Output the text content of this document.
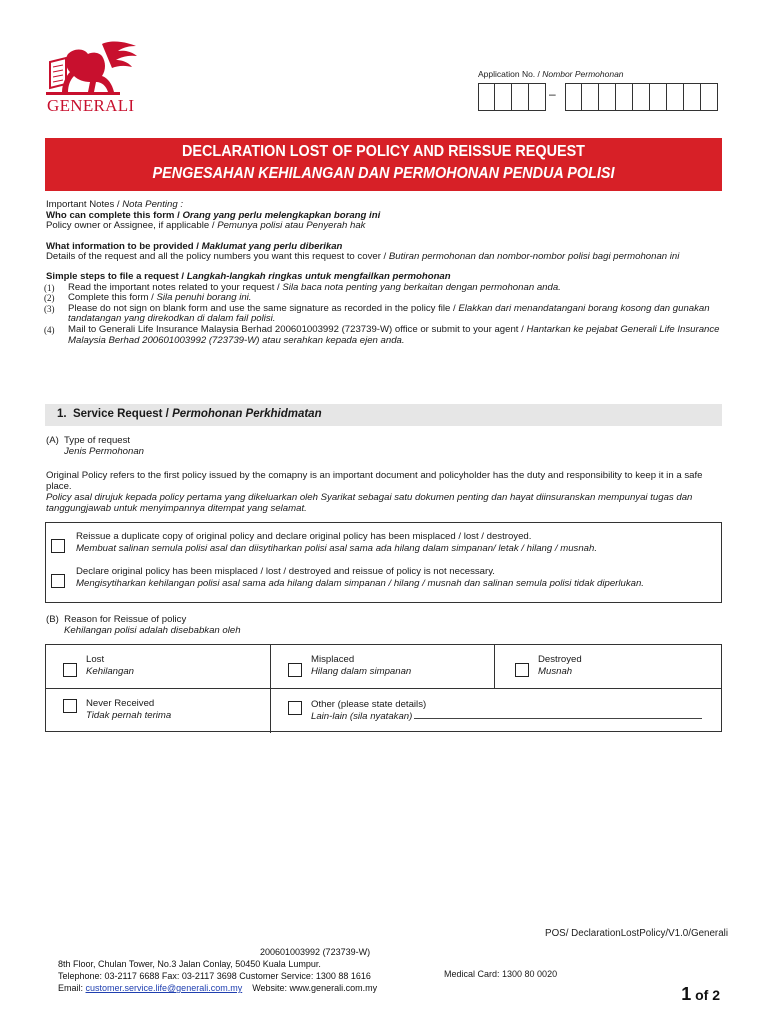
GENERALI
Application No. / Nombor Permohonan
–
DECLARATION LOST OF POLICY AND REISSUE REQUEST
PENGESAHAN KEHILANGAN DAN PERMOHONAN PENDUA POLISI

Important Notes / Nota Penting :

Who can complete this form / Orang yang perlu melengkapkan borang ini

Policy owner or Assignee, if applicable / Pemunya polisi atau Penyerah hak

What information to be provided / Maklumat yang perlu diberikan

Details of the request and all the policy numbers you want this request to cover / Butiran permohonan dan nombor-nombor polisi bagi permohonan ini

Simple steps to file a request / Langkah-langkah ringkas untuk mengfailkan permohonan

(1) Read the important notes related to your request / Sila baca nota penting yang berkaitan dengan permohonan anda.
(2) Complete this form / Sila penuhi borang ini.
(3) Please do not sign on blank form and use the same signature as recorded in the policy file / Elakkan dari menandatangani borang kosong dan gunakan tandatangan yang direkodkan di dalam fail polisi.
(4) Mail to Generali Life Insurance Malaysia Berhad 200601003992 (723739-W) office or submit to your agent / Hantarkan ke pejabat Generali Life Insurance Malaysia Berhad 200601003992 (723739-W) atau serahkan kepada ejen anda.
1. Service Request / Permohonan Perkhidmatan
(A) Type of request
Jenis Permohonan

Original Policy refers to the first policy issued by the comapny is an important document and policyholder has the duty and responsibility to keep it in a safe place.

Policy asal dirujuk kepada policy pertama yang dikeluarkan oleh Syarikat sebagai satu dokumen penting dan hayat diinsuranskan mempunyai tugas dan tanggungjawab untuk menyimpannya ditempat yang selamat.

Reissue a duplicate copy of original policy and declare original policy has been misplaced / lost / destroyed.
Membuat salinan semula polisi asal dan diisytiharkan polisi asal sama ada hilang dalam simpanan/ letak / hilang / musnah.
Declare original policy has been misplaced / lost / destroyed and reissue of policy is not necessary.
Mengisytiharkan kehilangan polisi asal sama ada hilang dalam simpanan / hilang / musnah dan salinan semula polisi tidak diperlukan.
(B) Reason for Reissue of policy
Kehilangan polisi adalah disebabkan oleh
Lost
Kehilangan
Misplaced
Hilang dalam simpanan
Destroyed
Musnah
Never Received
Tidak pernah terima
Other (please state details)
Lain-lain (sila nyatakan)
POS/ DeclarationLostPolicy/V1.0/Generali
200601003992 (723739-W)
8th Floor, Chulan Tower, No.3 Jalan Conlay, 50450 Kuala Lumpur.
Telephone: 03-2117 6688 Fax: 03-2117 3698 Customer Service: 1300 88 1616
Email: customer.service.life@generali.com.my    Website: www.generali.com.my
Medical Card: 1300 80 0020
1 of 2
